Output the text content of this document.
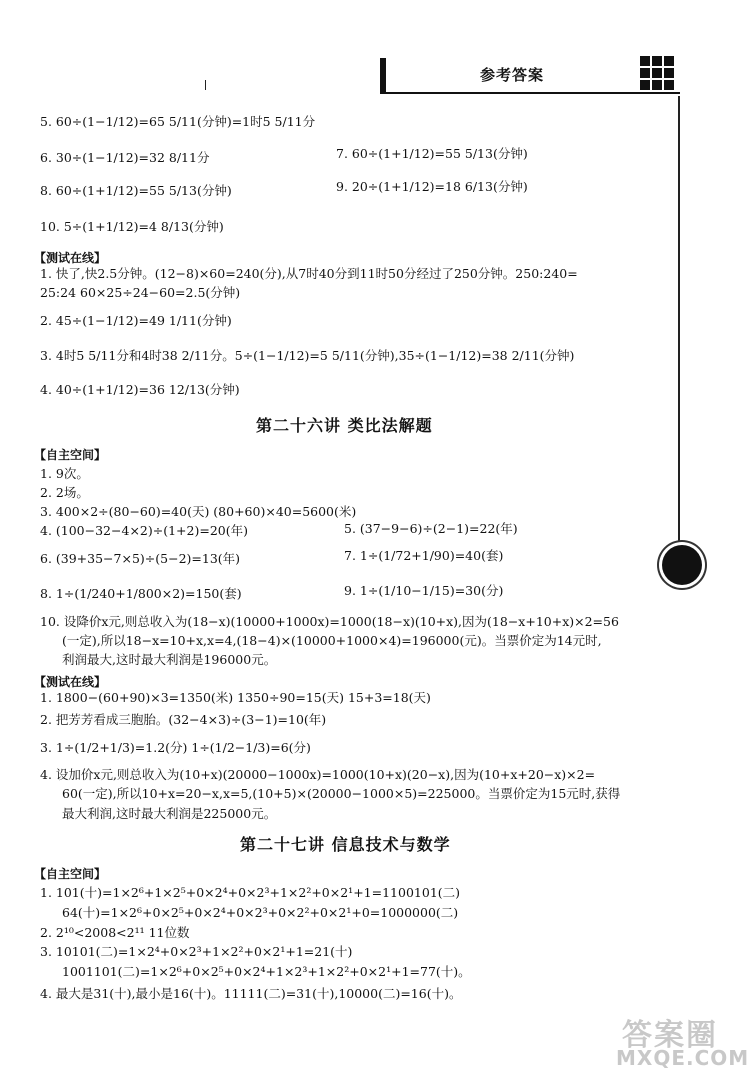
参考答案
5. 60÷(1−1/12)=65 5/11(分钟)=1时5 5/11分
6. 30÷(1−1/12)=32 8/11分	7. 60÷(1+1/12)=55 5/13(分钟)
8. 60÷(1+1/12)=55 5/13(分钟)	9. 20÷(1+1/12)=18 6/13(分钟)
10. 5÷(1+1/12)=4 8/13(分钟)
【测试在线】
1. 快了,快2.5分钟。(12−8)×60=240(分),从7时40分到11时50分经过了250分钟。250:240=
25:24 60×25÷24−60=2.5(分钟)
2. 45÷(1−1/12)=49 1/11(分钟)
3. 4时5 5/11分和4时38 2/11分。5÷(1−1/12)=5 5/11(分钟),35÷(1−1/12)=38 2/11(分钟)
4. 40÷(1+1/12)=36 12/13(分钟)
第二十六讲 类比法解题
【自主空间】
1. 9次。
2. 2场。
3. 400×2÷(80−60)=40(天) (80+60)×40=5600(米)
4. (100−32−4×2)÷(1+2)=20(年)	5. (37−9−6)÷(2−1)=22(年)
6. (39+35−7×5)÷(5−2)=13(年)	7. 1÷(1/72+1/90)=40(套)
8. 1÷(1/240+1/800×2)=150(套)	9. 1÷(1/10−1/15)=30(分)
10. 设降价x元,则总收入为(18−x)(10000+1000x)=1000(18−x)(10+x),因为(18−x+10+x)×2=56
(一定),所以18−x=10+x,x=4,(18−4)×(10000+1000×4)=196000(元)。当票价定为14元时,
利润最大,这时最大利润是196000元。
【测试在线】
1. 1800−(60+90)×3=1350(米) 1350÷90=15(天) 15+3=18(天)
2. 把芳芳看成三胞胎。(32−4×3)÷(3−1)=10(年)
3. 1÷(1/2+1/3)=1.2(分) 1÷(1/2−1/3)=6(分)
4. 设加价x元,则总收入为(10+x)(20000−1000x)=1000(10+x)(20−x),因为(10+x+20−x)×2=
60(一定),所以10+x=20−x,x=5,(10+5)×(20000−1000×5)=225000。当票价定为15元时,获得
最大利润,这时最大利润是225000元。
第二十七讲 信息技术与数学
【自主空间】
1. 101(十)=1×2⁶+1×2⁵+0×2⁴+0×2³+1×2²+0×2¹+1=1100101(二)
64(十)=1×2⁶+0×2⁵+0×2⁴+0×2³+0×2²+0×2¹+0=1000000(二)
2. 2¹⁰<2008<2¹¹ 11位数
3. 10101(二)=1×2⁴+0×2³+1×2²+0×2¹+1=21(十)
1001101(二)=1×2⁶+0×2⁵+0×2⁴+1×2³+1×2²+0×2¹+1=77(十)。
4. 最大是31(十),最小是16(十)。11111(二)=31(十),10000(二)=16(十)。
答案圈
MXQE.COM
